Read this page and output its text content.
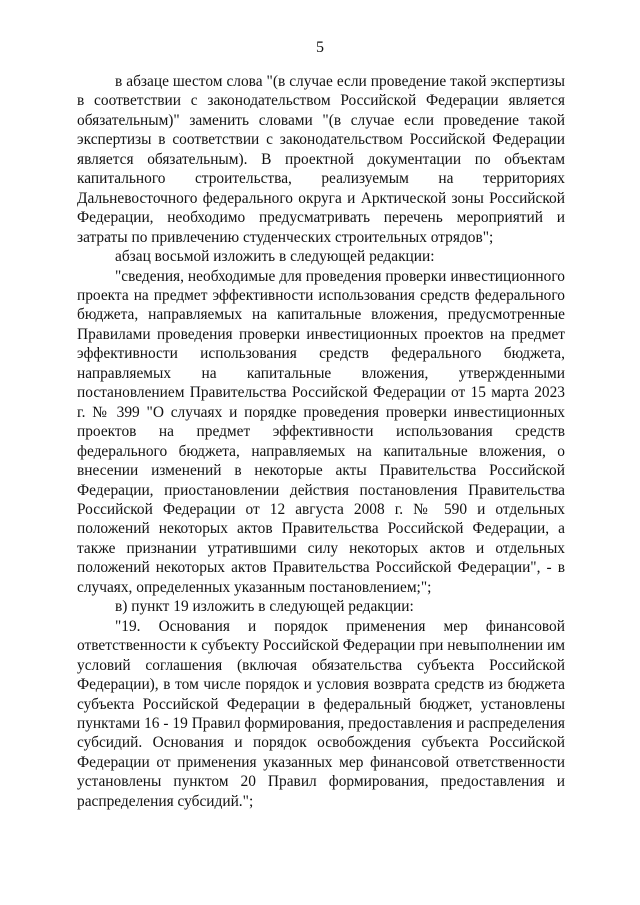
5

в абзаце шестом слова "(в случае если проведение такой экспертизы в соответствии с законодательством Российской Федерации является обязательным)" заменить словами "(в случае если проведение такой экспертизы в соответствии с законодательством Российской Федерации является обязательным). В проектной документации по объектам капитального строительства, реализуемым на территориях Дальневосточного федерального округа и Арктической зоны Российской Федерации, необходимо предусматривать перечень мероприятий и затраты по привлечению студенческих строительных отрядов";

абзац восьмой изложить в следующей редакции:

"сведения, необходимые для проведения проверки инвестиционного проекта на предмет эффективности использования средств федерального бюджета, направляемых на капитальные вложения, предусмотренные Правилами проведения проверки инвестиционных проектов на предмет эффективности использования средств федерального бюджета, направляемых на капитальные вложения, утвержденными постановлением Правительства Российской Федерации от 15 марта 2023 г. № 399 "О случаях и порядке проведения проверки инвестиционных проектов на предмет эффективности использования средств федерального бюджета, направляемых на капитальные вложения, о внесении изменений в некоторые акты Правительства Российской Федерации, приостановлении действия постановления Правительства Российской Федерации от 12 августа 2008 г. № 590 и отдельных положений некоторых актов Правительства Российской Федерации, а также признании утратившими силу некоторых актов и отдельных положений некоторых актов Правительства Российской Федерации", - в случаях, определенных указанным постановлением;";

в) пункт 19 изложить в следующей редакции:

"19. Основания и порядок применения мер финансовой ответственности к субъекту Российской Федерации при невыполнении им условий соглашения (включая обязательства субъекта Российской Федерации), в том числе порядок и условия возврата средств из бюджета субъекта Российской Федерации в федеральный бюджет, установлены пунктами 16 - 19 Правил формирования, предоставления и распределения субсидий. Основания и порядок освобождения субъекта Российской Федерации от применения указанных мер финансовой ответственности установлены пунктом 20 Правил формирования, предоставления и распределения субсидий.";
